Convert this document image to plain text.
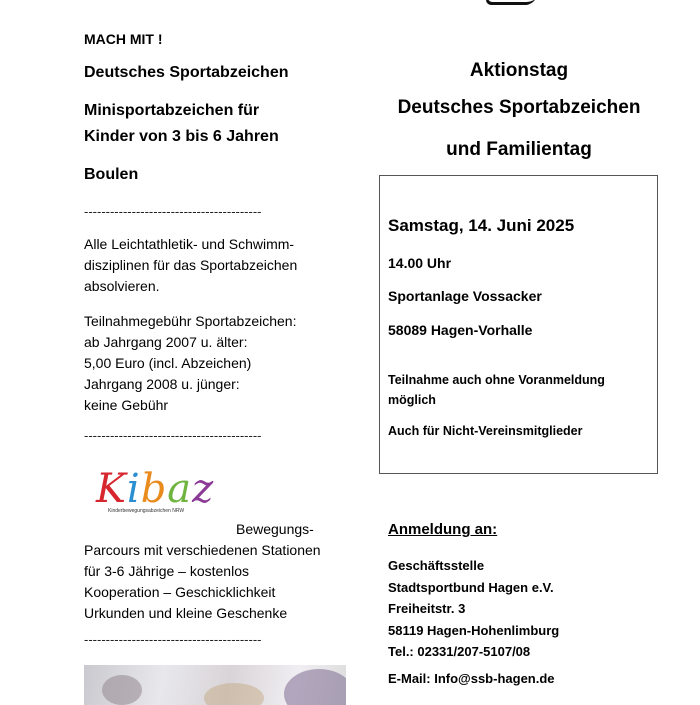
MACH MIT !
Deutsches Sportabzeichen
Minisportabzeichen für
Kinder von 3 bis 6 Jahren
Boulen
-----------------------------------------
Alle Leichtathletik- und Schwimm-
disziplinen für das Sportabzeichen
absolvieren.
Teilnahmegebühr Sportabzeichen:
ab Jahrgang 2007 u. älter:
5,00 Euro (incl. Abzeichen)
Jahrgang 2008 u. jünger:
keine Gebühr
-----------------------------------------
Kibaz
Kinderbewegungsabzeichen NRW
Bewegungs-
Parcours mit verschiedenen Stationen
für 3-6 Jährige – kostenlos
Kooperation – Geschicklichkeit
Urkunden und kleine Geschenke
-----------------------------------------
Aktionstag
Deutsches Sportabzeichen
und Familientag
Samstag, 14. Juni 2025
14.00 Uhr
Sportanlage Vossacker
58089 Hagen-Vorhalle
Teilnahme auch ohne Voranmeldung
möglich
Auch für Nicht-Vereinsmitglieder
Anmeldung an:
Geschäftsstelle
Stadtsportbund Hagen e.V.
Freiheitstr. 3
58119 Hagen-Hohenlimburg
Tel.: 02331/207-5107/08
E-Mail: Info@ssb-hagen.de
